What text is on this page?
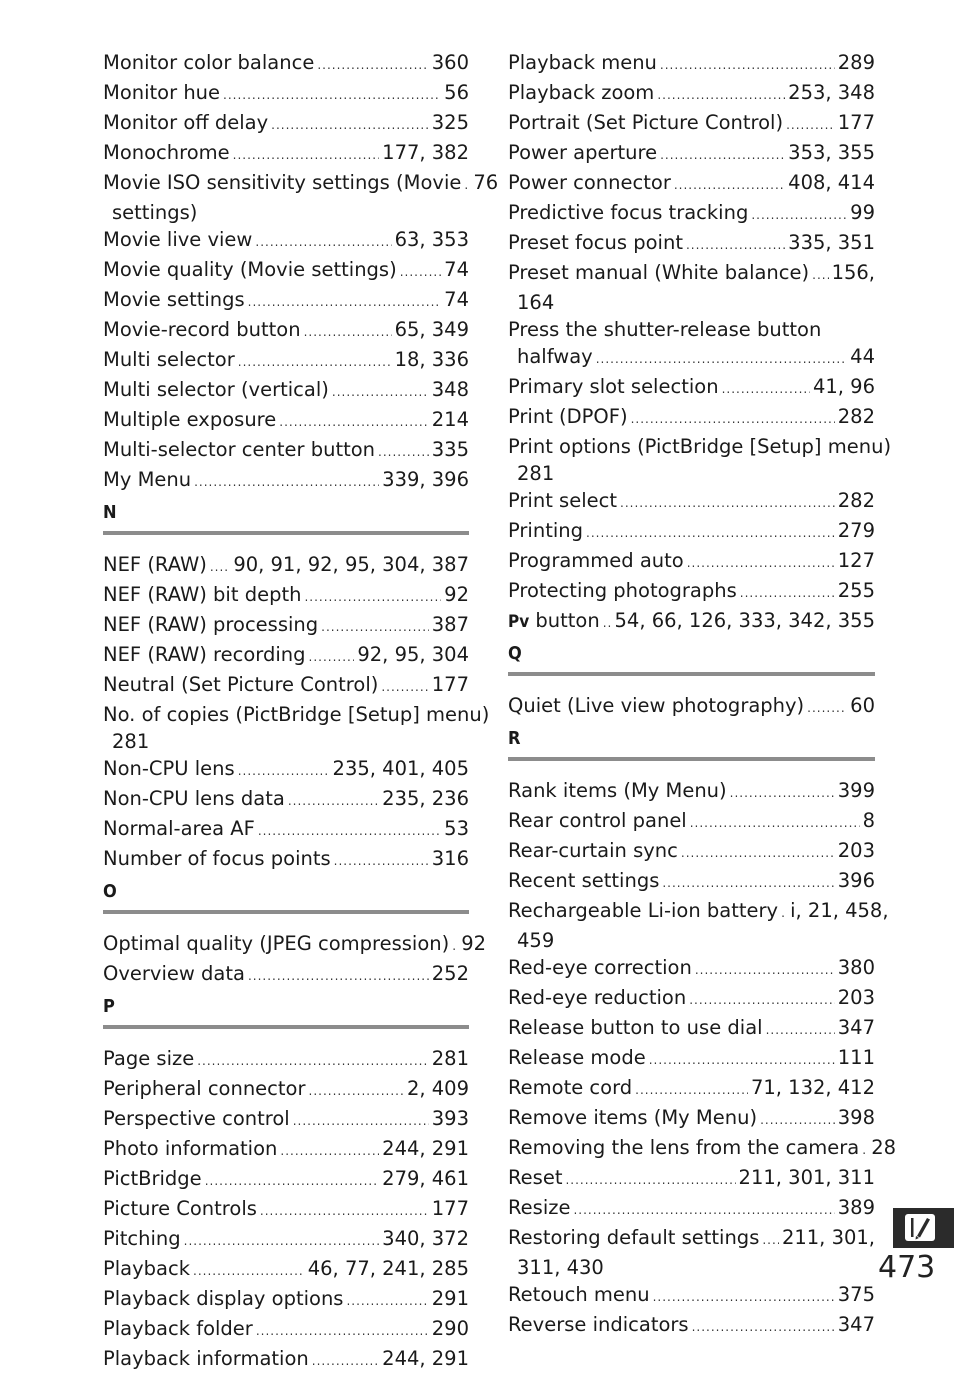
Monitor color balance .....	360
Monitor hue .....	56
Monitor off delay .....	325
Monochrome .....	177, 382
Movie ISO sensitivity settings (Movie ..... 76
settings)
Movie live view .....	63, 353
Movie quality (Movie settings) ..... 74
Movie settings .....	74
Movie-record button .....	65, 349
Multi selector .....	18, 336
Multi selector (vertical) .....	348
Multiple exposure .....	214
Multi-selector center button .....	335
My Menu .....	339, 396
N
NEF (RAW) ..... 90, 91, 92, 95, 304, 387
NEF (RAW) bit depth .....	92
NEF (RAW) processing .....	387
NEF (RAW) recording .....	92, 95, 304
Neutral (Set Picture Control) .....	177
No. of copies (PictBridge [Setup] menu)
281
Non-CPU lens .....	235, 401, 405
Non-CPU lens data .....	235, 236
Normal-area AF .....	53
Number of focus points .....	316
O
Optimal quality (JPEG compression) ..... 92
Overview data .....	252
P
Page size .....	281
Peripheral connector .....	2, 409
Perspective control .....	393
Photo information .....	244, 291
PictBridge .....	279, 461
Picture Controls .....	177
Pitching .....	340, 372
Playback .....	46, 77, 241, 285
Playback display options .....	291
Playback folder .....	290
Playback information .....	244, 291
Playback menu .....	289
Playback zoom .....	253, 348
Portrait (Set Picture Control) .....	177
Power aperture .....	353, 355
Power connector .....	408, 414
Predictive focus tracking .....	99
Preset focus point .....	335, 351
Preset manual (White balance) ..... 156,
164
Press the shutter-release button
halfway .....	44
Primary slot selection .....	41, 96
Print (DPOF) .....	282
Print options (PictBridge [Setup] menu)
281
Print select .....	282
Printing .....	279
Programmed auto .....	127
Protecting photographs .....	255
Pv button ..... 54, 66, 126, 333, 342, 355
Q
Quiet (Live view photography) ..... 60
R
Rank items (My Menu) .....	399
Rear control panel .....	8
Rear-curtain sync .....	203
Recent settings .....	396
Rechargeable Li-ion battery ..... i, 21, 458,
459
Red-eye correction .....	380
Red-eye reduction .....	203
Release button to use dial .....	347
Release mode .....	111
Remote cord .....	71, 132, 412
Remove items (My Menu) .....	398
Removing the lens from the camera ..... 28
Reset .....	211, 301, 311
Resize .....	389
Restoring default settings ..... 211, 301,
311, 430
Retouch menu .....	375
Reverse indicators .....	347
473
